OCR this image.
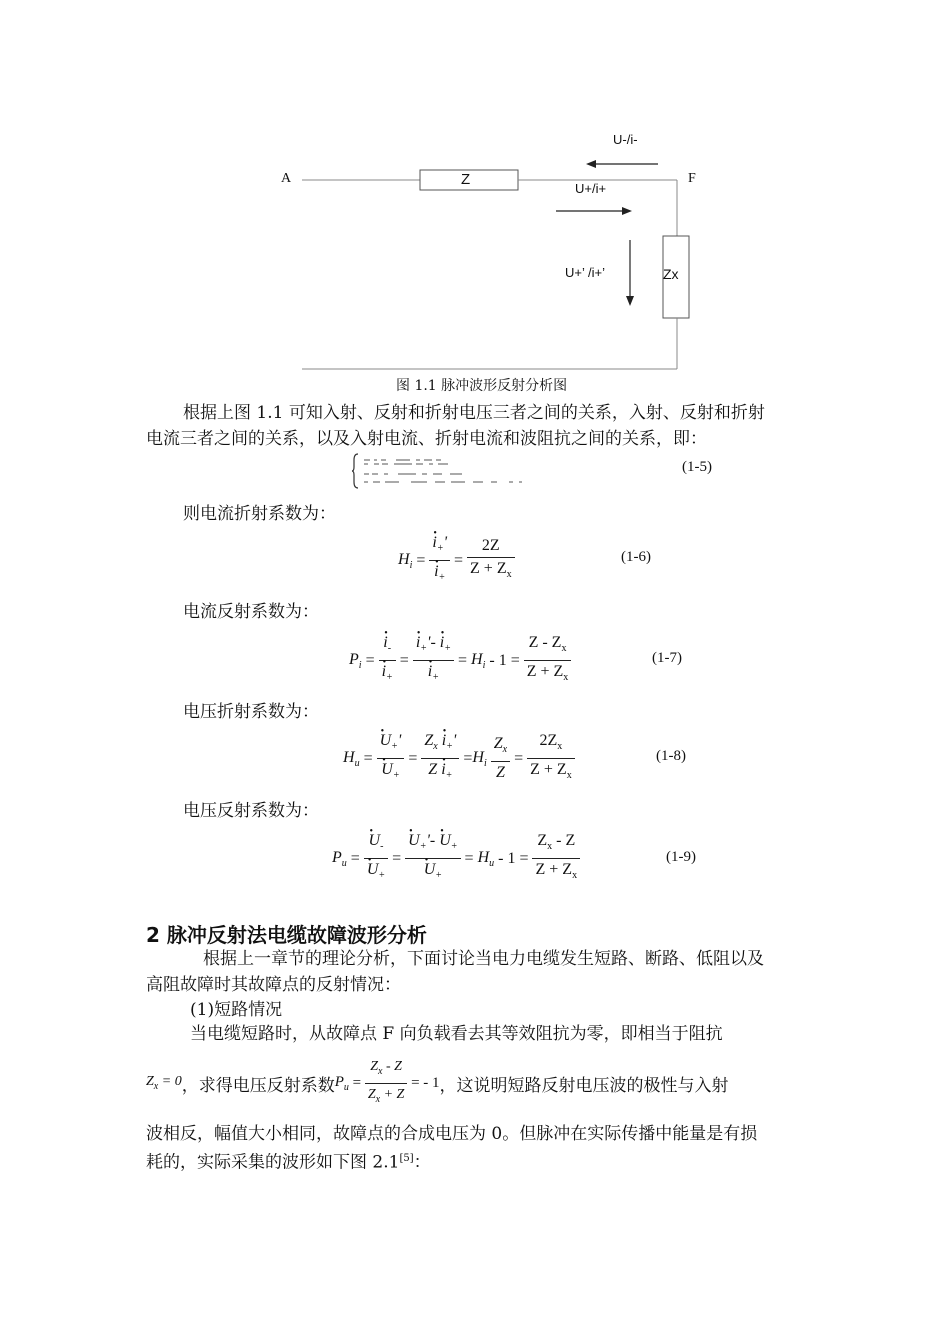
A	F
Z
Zx
U-/i-
U+/i+
U+’ /i+’
图 1.1 脉冲波形反射分析图
根据上图 1.1 可知入射、反射和折射电压三者之间的关系，入射、反射和折射
电流三者之间的关系，以及入射电流、折射电流和波阻抗之间的关系，即：
(1-5)
则电流折射系数为：
$H_i$ = • $i_+'$
• $i_+ = \frac{2Z}{Z + Z_x}$	(1-6)
电流反射系数为：
$P_i$ = • $i_-$
• $i_+$ = • $i_+'-$ • $i_+$
• $i_+ = H_i - 1 = \frac{Z - Z_x}{Z + Z_x}$	(1-7)
电压折射系数为：
$H_u$ = • $U_+'$
• $U_+ = \frac{Z_x • i_+'}{Z • i_+} = H_i$
$\frac{Z_x}{Z} = \frac{2Z_x}{Z + Z_x}$	(1-8)
电压反射系数为：
$P_u$ = • $U_-$
• $U_+$ = • $U_+'-$ • $U_+$
• $U_+ = H_u - 1 = \frac{Z_x - Z}{Z + Z_x}$	(1-9)
2 脉冲反射法电缆故障波形分析
根据上一章节的理论分析，下面讨论当电力电缆发生短路、断路、低阻以及
高阻故障时其故障点的反射情况：
(1)短路情况
当电缆短路时，从故障点 F 向负载看去其等效阻抗为零，即相当于阻抗
$Z_x = 0$ ，求得电压反射系数 $P_u = \frac{Z_x - Z}{Z_x + Z}$ = - 1 ，这说明短路反射电压波的极性与入射
波相反，幅值大小相同，故障点的合成电压为 0。但脉冲在实际传播中能量是有损
耗的，实际采集的波形如下图 2.1[5]：
